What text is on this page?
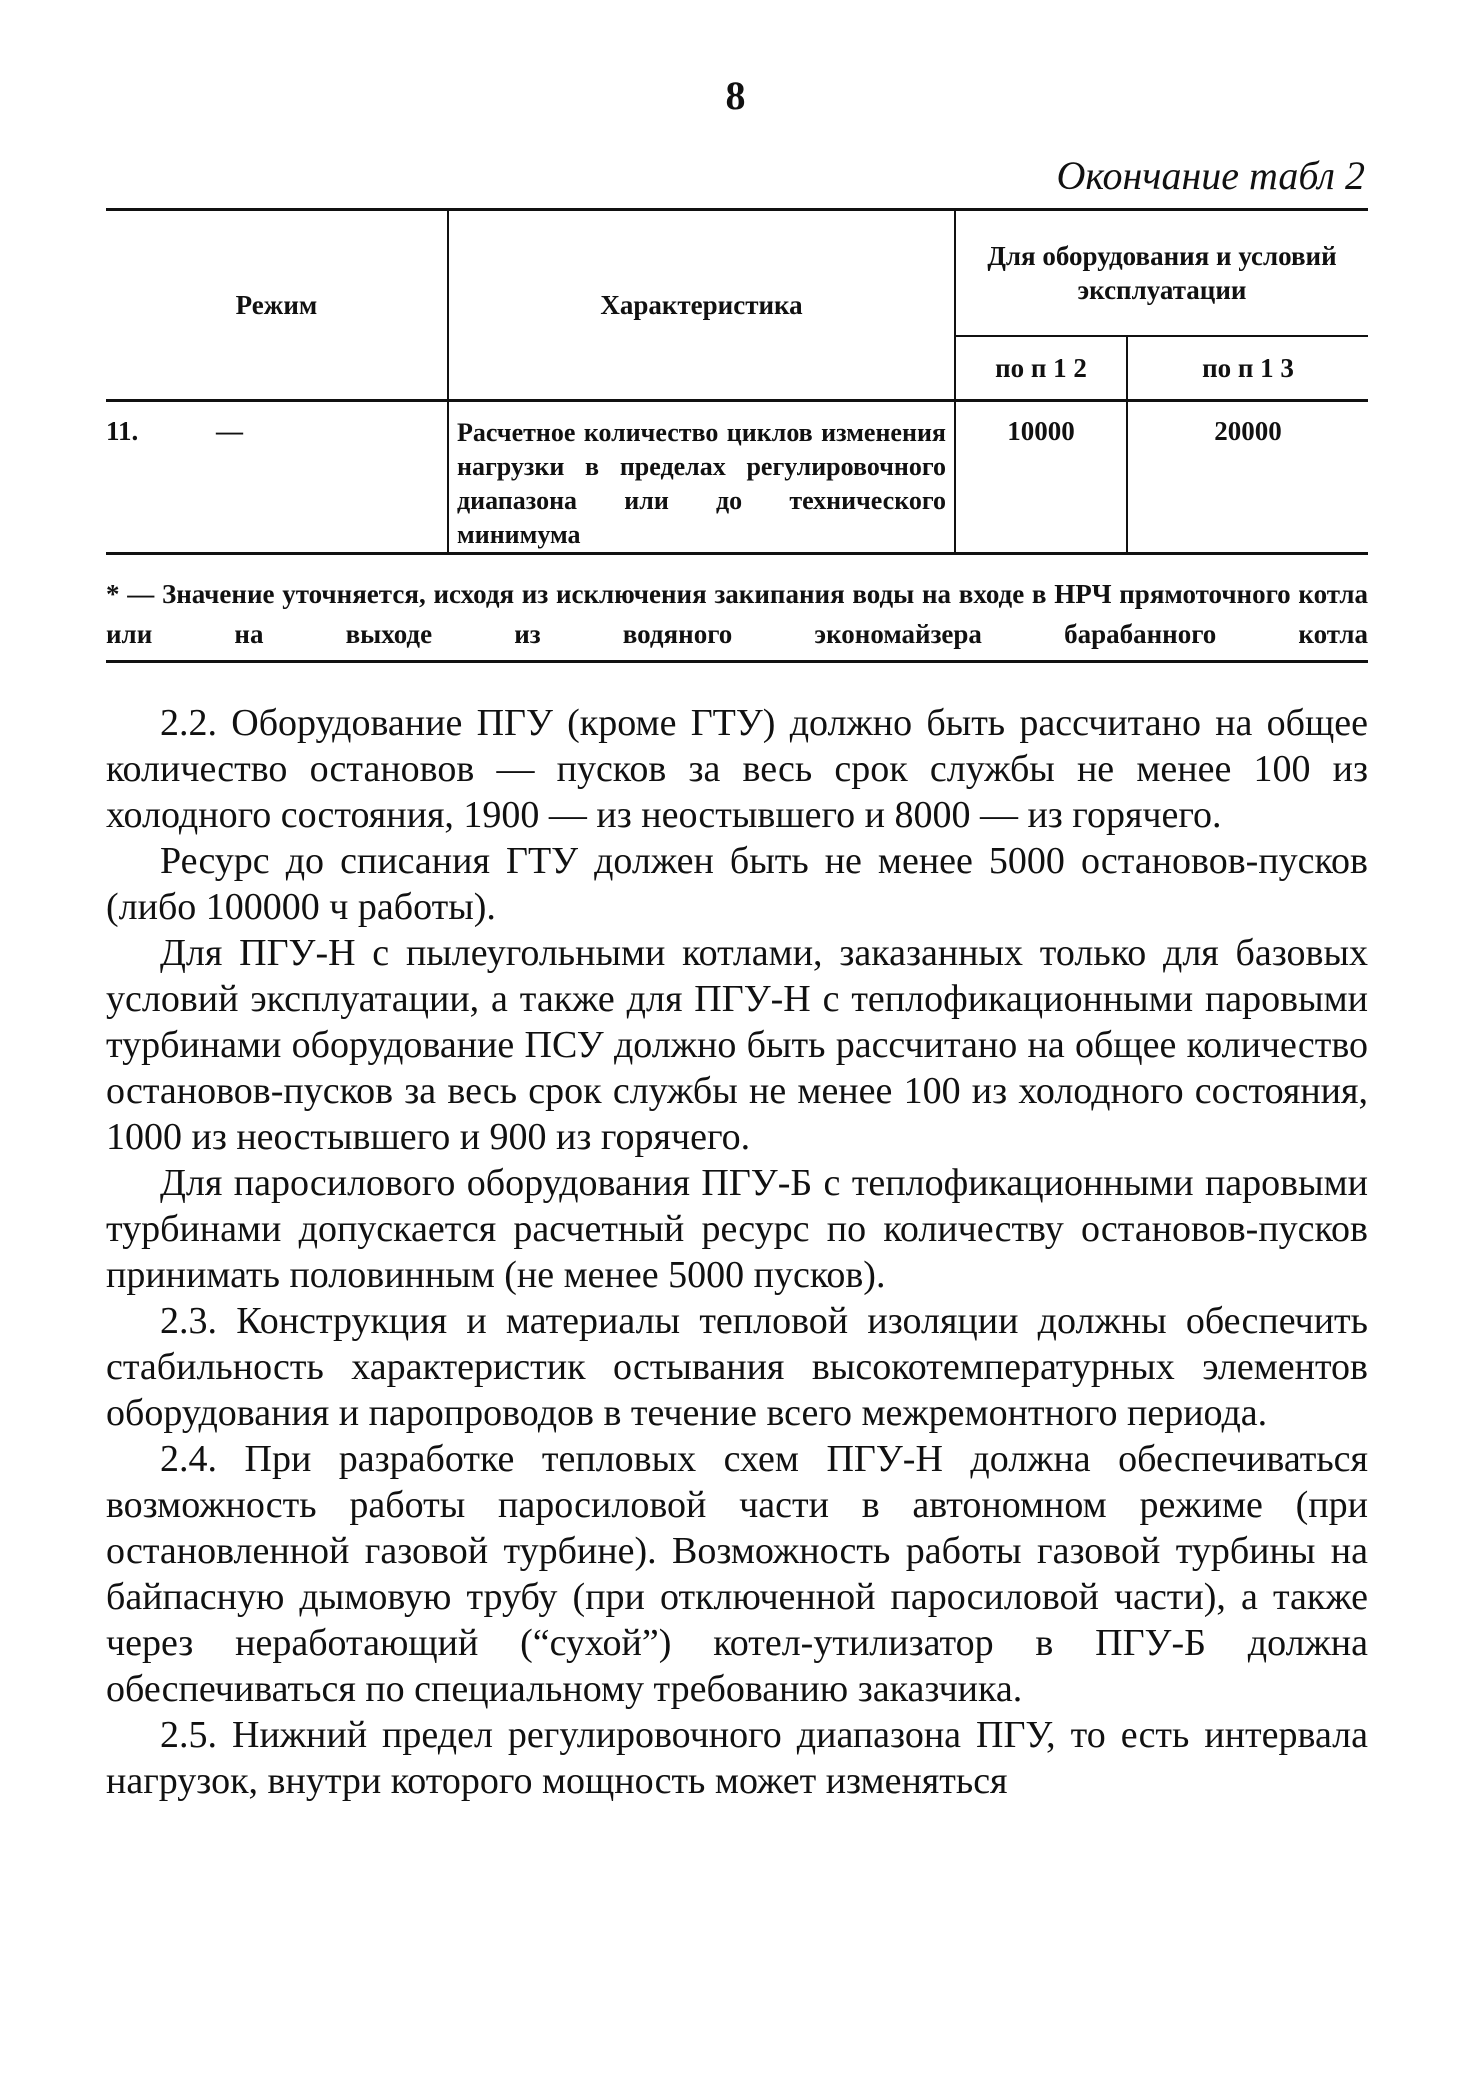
8
Окончание табл 2
Режим	Характеристика	Для оборудования и условий эксплуатации	
		по п 1 2	по п 1 3
11. —	Расчетное количество циклов изменения нагрузки в пределах регулировочного диапазона или до технического минимума	10000	20000
* — Значение уточняется, исходя из исключения закипания воды на входе в НРЧ прямоточного котла или на выходе из водяного экономайзера барабанного котла

2.2. Оборудование ПГУ (кроме ГТУ) должно быть рассчитано на общее количество остановов — пусков за весь срок службы не менее 100 из холодного состояния, 1900 — из неостывшего и 8000 — из горячего.

Ресурс до списания ГТУ должен быть не менее 5000 остановов-пусков (либо 100000 ч работы).

Для ПГУ-Н с пылеугольными котлами, заказанных только для базовых условий эксплуатации, а также для ПГУ-Н с теплофикационными паровыми турбинами оборудование ПСУ должно быть рассчитано на общее количество остановов-пусков за весь срок службы не менее 100 из холодного состояния, 1000 из неостывшего и 900 из горячего.

Для паросилового оборудования ПГУ-Б с теплофикационными паровыми турбинами допускается расчетный ресурс по количеству остановов-пусков принимать половинным (не менее 5000 пусков).

2.3. Конструкция и материалы тепловой изоляции должны обеспечить стабильность характеристик остывания высокотемпературных элементов оборудования и паропроводов в течение всего межремонтного периода.

2.4. При разработке тепловых схем ПГУ-Н должна обеспечиваться возможность работы паросиловой части в автономном режиме (при остановленной газовой турбине). Возможность работы газовой турбины на байпасную дымовую трубу (при отключенной паросиловой части), а также через неработающий (“сухой”) котел-утилизатор в ПГУ-Б должна обеспечиваться по специальному требованию заказчика.

2.5. Нижний предел регулировочного диапазона ПГУ, то есть интервала нагрузок, внутри которого мощность может изменяться
